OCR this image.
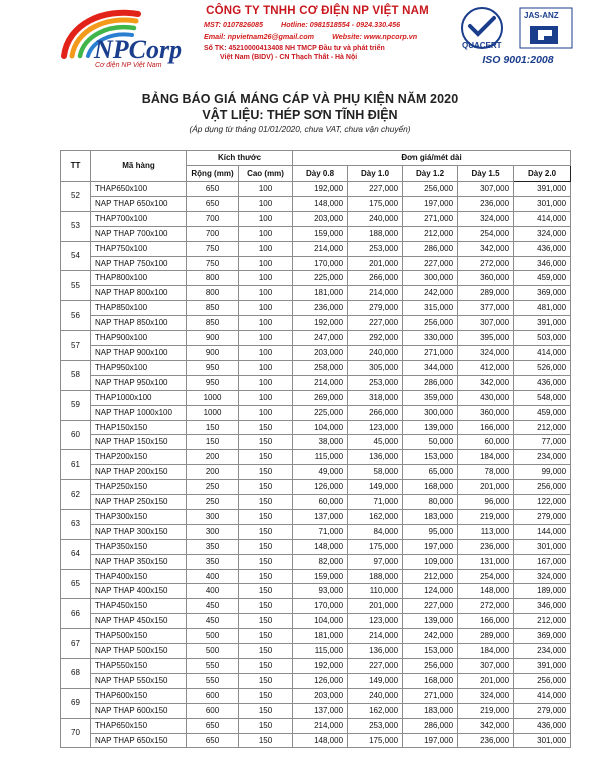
NPCorp
Cơ điện NP Việt Nam
CÔNG TY TNHH CƠ ĐIỆN NP VIỆT NAM
MST: 0107826085	Hotline: 0981518554 - 0924.330.456
Email: npvietnam26@gmail.com	Website: www.npcorp.vn
Số TK: 45210000413408 NH TMCP Đầu tư và phát triển
Việt Nam (BIDV) - CN Thạch Thất - Hà Nội
QUACERT
JAS-ANZ
ISO 9001:2008
BẢNG BÁO GIÁ MÁNG CÁP VÀ PHỤ KIỆN NĂM 2020
VẬT LIỆU: THÉP SƠN TĨNH ĐIỆN
(Áp dụng từ tháng 01/01/2020, chưa VAT, chưa vận chuyển)
TT	Mã hàng	Kích thước		Đơn giá/mét dài				
		Rộng (mm)	Cao (mm)	Dày 0.8	Dày 1.0	Dày 1.2	Dày 1.5	Dày 2.0
52	THAP650x100	650	100	192,000	227,000	256,000	307,000	391,000
	NAP THAP 650x100	650	100	148,000	175,000	197,000	236,000	301,000
53	THAP700x100	700	100	203,000	240,000	271,000	324,000	414,000
	NAP THAP 700x100	700	100	159,000	188,000	212,000	254,000	324,000
54	THAP750x100	750	100	214,000	253,000	286,000	342,000	436,000
	NAP THAP 750x100	750	100	170,000	201,000	227,000	272,000	346,000
55	THAP800x100	800	100	225,000	266,000	300,000	360,000	459,000
	NAP THAP 800x100	800	100	181,000	214,000	242,000	289,000	369,000
56	THAP850x100	850	100	236,000	279,000	315,000	377,000	481,000
	NAP THAP 850x100	850	100	192,000	227,000	256,000	307,000	391,000
57	THAP900x100	900	100	247,000	292,000	330,000	395,000	503,000
	NAP THAP 900x100	900	100	203,000	240,000	271,000	324,000	414,000
58	THAP950x100	950	100	258,000	305,000	344,000	412,000	526,000
	NAP THAP 950x100	950	100	214,000	253,000	286,000	342,000	436,000
59	THAP1000x100	1000	100	269,000	318,000	359,000	430,000	548,000
	NAP THAP 1000x100	1000	100	225,000	266,000	300,000	360,000	459,000
60	THAP150x150	150	150	104,000	123,000	139,000	166,000	212,000
	NAP THAP 150x150	150	150	38,000	45,000	50,000	60,000	77,000
61	THAP200x150	200	150	115,000	136,000	153,000	184,000	234,000
	NAP THAP 200x150	200	150	49,000	58,000	65,000	78,000	99,000
62	THAP250x150	250	150	126,000	149,000	168,000	201,000	256,000
	NAP THAP 250x150	250	150	60,000	71,000	80,000	96,000	122,000
63	THAP300x150	300	150	137,000	162,000	183,000	219,000	279,000
	NAP THAP 300x150	300	150	71,000	84,000	95,000	113,000	144,000
64	THAP350x150	350	150	148,000	175,000	197,000	236,000	301,000
	NAP THAP 350x150	350	150	82,000	97,000	109,000	131,000	167,000
65	THAP400x150	400	150	159,000	188,000	212,000	254,000	324,000
	NAP THAP 400x150	400	150	93,000	110,000	124,000	148,000	189,000
66	THAP450x150	450	150	170,000	201,000	227,000	272,000	346,000
	NAP THAP 450x150	450	150	104,000	123,000	139,000	166,000	212,000
67	THAP500x150	500	150	181,000	214,000	242,000	289,000	369,000
	NAP THAP 500x150	500	150	115,000	136,000	153,000	184,000	234,000
68	THAP550x150	550	150	192,000	227,000	256,000	307,000	391,000
	NAP THAP 550x150	550	150	126,000	149,000	168,000	201,000	256,000
69	THAP600x150	600	150	203,000	240,000	271,000	324,000	414,000
	NAP THAP 600x150	600	150	137,000	162,000	183,000	219,000	279,000
70	THAP650x150	650	150	214,000	253,000	286,000	342,000	436,000
	NAP THAP 650x150	650	150	148,000	175,000	197,000	236,000	301,000
